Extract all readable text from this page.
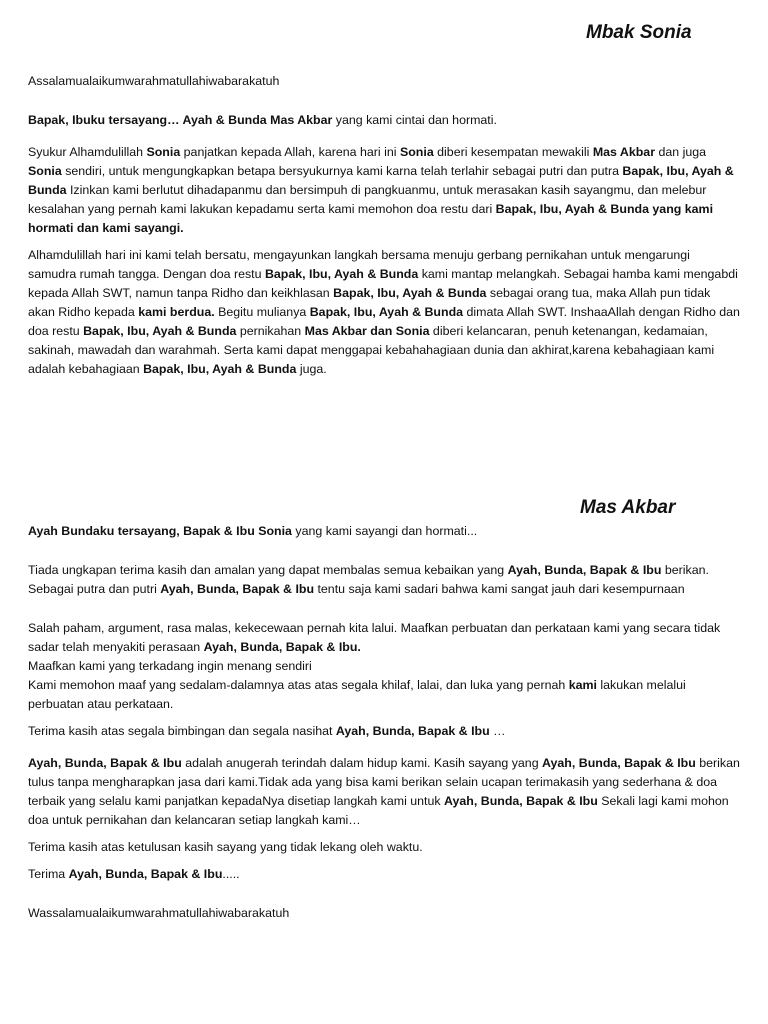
Mbak Sonia

Assalamualaikumwarahmatullahiwabarakatuh

Bapak, Ibuku tersayang… Ayah & Bunda Mas Akbar yang kami cintai dan hormati.

Syukur Alhamdulillah Sonia panjatkan kepada Allah, karena hari ini Sonia diberi kesempatan mewakili Mas Akbar dan juga Sonia sendiri, untuk mengungkapkan betapa bersyukurnya kami karna telah terlahir sebagai putri dan putra Bapak, Ibu, Ayah & Bunda Izinkan kami berlutut dihadapanmu dan bersimpuh di pangkuanmu, untuk merasakan kasih sayangmu, dan melebur kesalahan yang pernah kami lakukan kepadamu serta kami memohon doa restu dari Bapak, Ibu, Ayah & Bunda yang kami hormati dan kami sayangi.

Alhamdulillah hari ini kami telah bersatu, mengayunkan langkah bersama menuju gerbang pernikahan untuk mengarungi samudra rumah tangga. Dengan doa restu Bapak, Ibu, Ayah & Bunda kami mantap melangkah. Sebagai hamba kami mengabdi kepada Allah SWT, namun tanpa Ridho dan keikhlasan Bapak, Ibu, Ayah & Bunda sebagai orang tua, maka Allah pun tidak akan Ridho kepada kami berdua. Begitu mulianya Bapak, Ibu, Ayah & Bunda dimata Allah SWT. InshaaAllah dengan Ridho dan doa restu Bapak, Ibu, Ayah & Bunda pernikahan Mas Akbar dan Sonia diberi kelancaran, penuh ketenangan, kedamaian, sakinah, mawadah dan warahmah. Serta kami dapat menggapai kebahahagiaan dunia dan akhirat,karena kebahagiaan kami adalah kebahagiaan Bapak, Ibu, Ayah & Bunda juga.

Mas Akbar

Ayah Bundaku tersayang, Bapak & Ibu Sonia yang kami sayangi dan hormati...

Tiada ungkapan terima kasih dan amalan yang dapat membalas semua kebaikan yang Ayah, Bunda, Bapak & Ibu berikan. Sebagai putra dan putri Ayah, Bunda, Bapak & Ibu tentu saja kami sadari bahwa kami sangat jauh dari kesempurnaan

Salah paham, argument, rasa malas, kekecewaan pernah kita lalui. Maafkan perbuatan dan perkataan kami yang secara tidak sadar telah menyakiti perasaan Ayah, Bunda, Bapak & Ibu.

Maafkan kami yang terkadang ingin menang sendiri

Kami memohon maaf yang sedalam-dalamnya atas atas segala khilaf, lalai, dan luka yang pernah kami lakukan melalui perbuatan atau perkataan.

Terima kasih atas segala bimbingan dan segala nasihat Ayah, Bunda, Bapak & Ibu …

Ayah, Bunda, Bapak & Ibu adalah anugerah terindah dalam hidup kami. Kasih sayang yang Ayah, Bunda, Bapak & Ibu berikan tulus tanpa mengharapkan jasa dari kami.Tidak ada yang bisa kami berikan selain ucapan terimakasih yang sederhana & doa terbaik yang selalu kami panjatkan kepadaNya disetiap langkah kami untuk Ayah, Bunda, Bapak & Ibu Sekali lagi kami mohon doa untuk pernikahan dan kelancaran setiap langkah kami…

Terima kasih atas ketulusan kasih sayang yang tidak lekang oleh waktu.

Terima Ayah, Bunda, Bapak & Ibu.....

Wassalamualaikumwarahmatullahiwabarakatuh
